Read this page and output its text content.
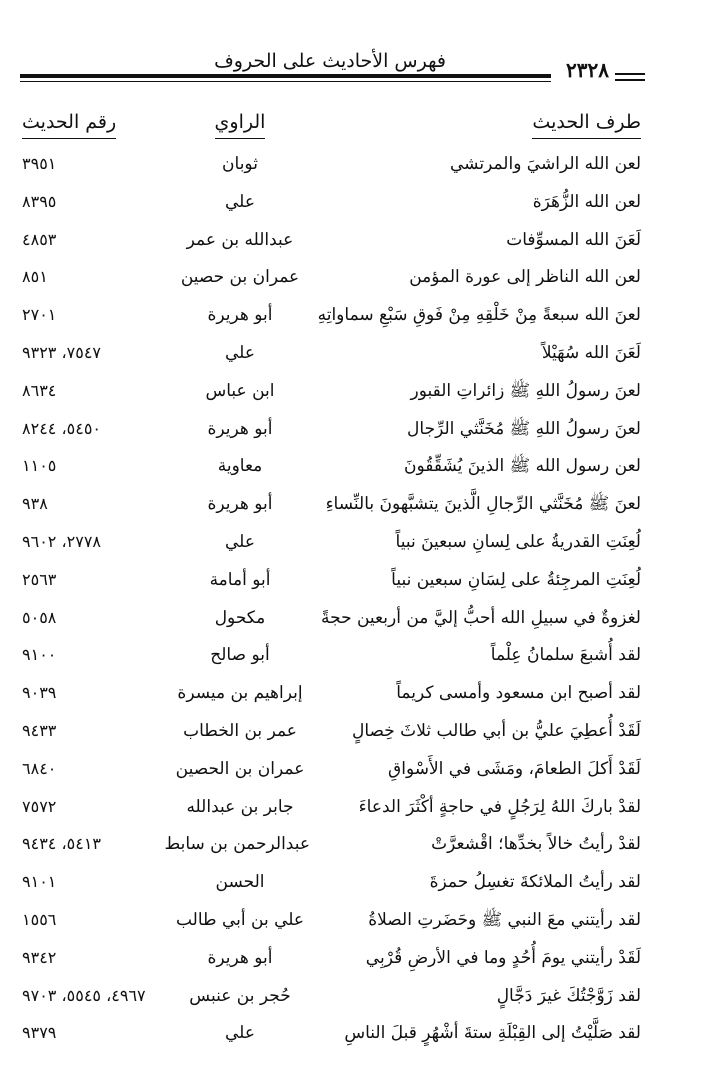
فهرس الأحاديث على الحروف	٢٣٢٨
طرف الحديث
الراوي
رقم الحديث
لعن الله الراشيَ والمرتشي
ثوبان
٣٩٥١
لعن الله الزُّهَرَة
علي
٨٣٩٥
لَعَنَ الله المسوِّفات
عبدالله بن عمر
٤٨٥٣
لعن الله الناظر إلى عورة المؤمن
عمران بن حصين
٨٥١
لعنَ الله سبعةً مِنْ خَلْقِهِ مِنْ فَوقِ سَبْعِ سماواتِهِ
أبو هريرة
٢٧٠١
لَعَنَ الله سُهَيْلاً
علي
٧٥٤٧، ٩٣٢٣
لعنَ رسولُ اللهِ ﷺ زائراتِ القبور
ابن عباس
٨٦٣٤
لعنَ رسولُ اللهِ ﷺ مُخَنَّثي الرِّجال
أبو هريرة
٥٤٥٠، ٨٢٤٤
لعن رسول الله ﷺ الذينَ يُشَقِّقُونَ
معاوية
١١٠٥
لعنَ ﷺ مُخَنَّثي الرِّجالِ الَّذينَ يتشبَّهونَ بالنِّساءِ
أبو هريرة
٩٣٨
لُعِنَتِ القدريةُ على لِسانِ سبعينَ نبياً
علي
٢٧٧٨، ٩٦٠٢
لُعِنَتِ المرجِئةُ على لِسَانِ سبعين نبياً
أبو أمامة
٢٥٦٣
لغزوةٌ في سبيلِ الله أحبُّ إليَّ من أربعين حجةً
مكحول
٥٠٥٨
لقد أُشبعَ سلمانُ عِلْماً
أبو صالح
٩١٠٠
لقد أصبح ابن مسعود وأمسى كريماً
إبراهيم بن ميسرة
٩٠٣٩
لَقَدْ أُعطِيَ عليُّ بن أبي طالب ثلاثَ خِصالٍ
عمر بن الخطاب
٩٤٣٣
لَقَدْ أَكلَ الطعامَ، ومَشَى في الأَسْواقِ
عمران بن الحصين
٦٨٤٠
لقدْ باركَ اللهُ لِرَجُلٍ في حاجةٍ أكْثَرَ الدعاءَ
جابر بن عبدالله
٧٥٧٢
لقدْ رأيتُ خالاً بخدِّها؛ اقْشعرَّتْ
عبدالرحمن بن سابط
٥٤١٣، ٩٤٣٤
لقد رأيتُ الملائكةَ تغسِلُ حمزةَ
الحسن
٩١٠١
لقد رأيتني معَ النبي ﷺ وحَضَرتِ الصلاةُ
علي بن أبي طالب
١٥٥٦
لَقَدْ رأيتني يومَ أُحُدٍ وما في الأرضِ قُرْبِي
أبو هريرة
٩٣٤٢
لقد زَوَّجْتُكَ غيرَ دَجَّالٍ
حُجر بن عنبس
٤٩٦٧، ٥٥٤٥، ٩٧٠٣
لقد صَلَّيْتُ إلى القِبْلَةِ ستةَ أشْهُرٍ قبلَ الناسِ
علي
٩٣٧٩
